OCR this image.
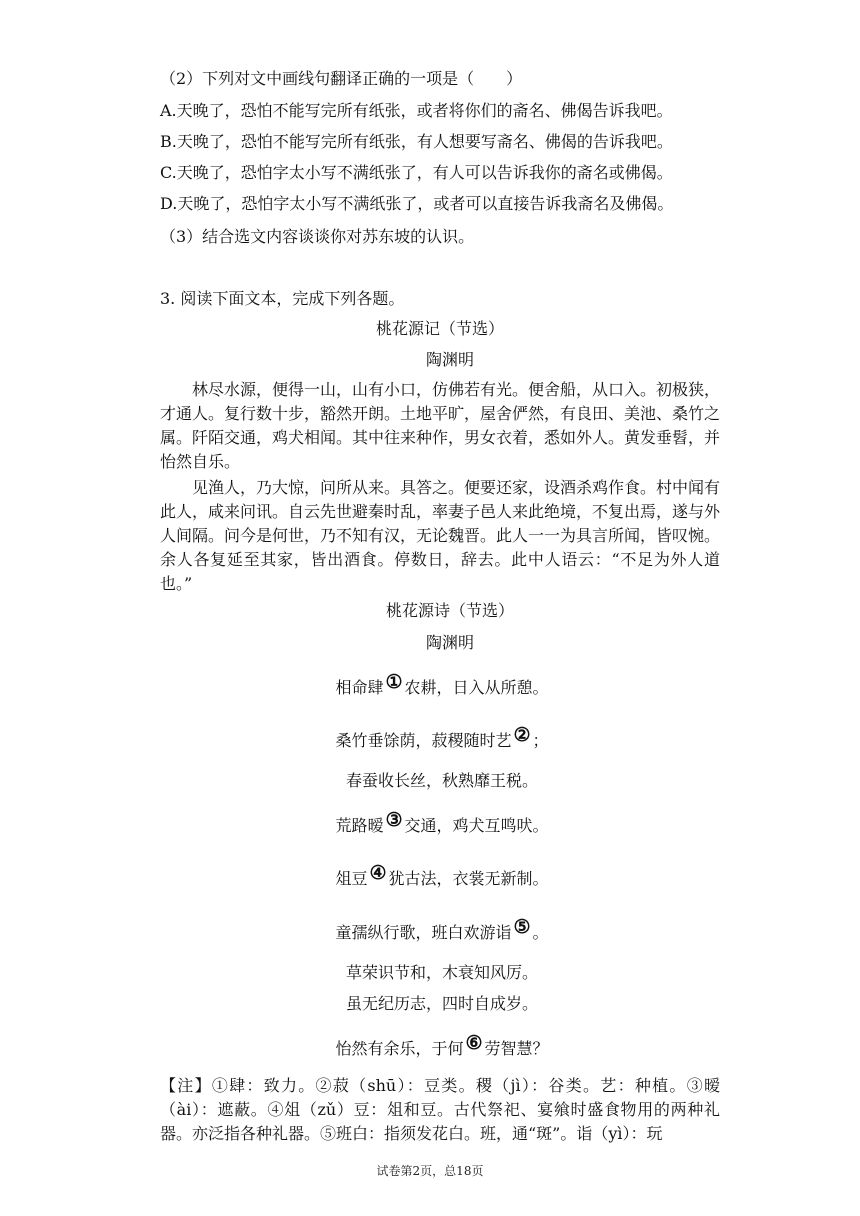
（2）下列对文中画线句翻译正确的一项是（　　）
A.天晚了，恐怕不能写完所有纸张，或者将你们的斋名、佛偈告诉我吧。
B.天晚了，恐怕不能写完所有纸张，有人想要写斋名、佛偈的告诉我吧。
C.天晚了，恐怕字太小写不满纸张了，有人可以告诉我你的斋名或佛偈。
D.天晚了，恐怕字太小写不满纸张了，或者可以直接告诉我斋名及佛偈。
（3）结合选文内容谈谈你对苏东坡的认识。
3. 阅读下面文本，完成下列各题。
桃花源记（节选）
陶渊明
林尽水源，便得一山，山有小口，仿佛若有光。便舍船，从口入。初极狭，才通人。复行数十步，豁然开朗。土地平旷，屋舍俨然，有良田、美池、桑竹之属。阡陌交通，鸡犬相闻。其中往来种作，男女衣着，悉如外人。黄发垂髫，并怡然自乐。
见渔人，乃大惊，问所从来。具答之。便要还家，设酒杀鸡作食。村中闻有此人，咸来问讯。自云先世避秦时乱，率妻子邑人来此绝境，不复出焉，遂与外人间隔。问今是何世，乃不知有汉，无论魏晋。此人一一为具言所闻，皆叹惋。余人各复延至其家，皆出酒食。停数日，辞去。此中人语云：“不足为外人道也。”
桃花源诗（节选）
陶渊明
相命肆 ① 农耕，日入从所憩。
桑竹垂馀荫，菽稷随时艺 ② ；
春蚕收长丝，秋熟靡王税。
荒路暧 ③ 交通，鸡犬互鸣吠。
俎豆 ④ 犹古法，衣裳无新制。
童孺纵行歌，班白欢游诣 ⑤ 。
草荣识节和，木衰知风厉。
虽无纪历志，四时自成岁。
怡然有余乐，于何 ⑥ 劳智慧？
【注】①肆：致力。②菽（shū）：豆类。稷（jì）：谷类。艺：种植。③暧（ài）：遮蔽。④俎（zǔ）豆：俎和豆。古代祭祀、宴飨时盛食物用的两种礼器。亦泛指各种礼器。⑤班白：指须发花白。班，通“斑”。诣（yì）：玩
试卷第2页，总18页
